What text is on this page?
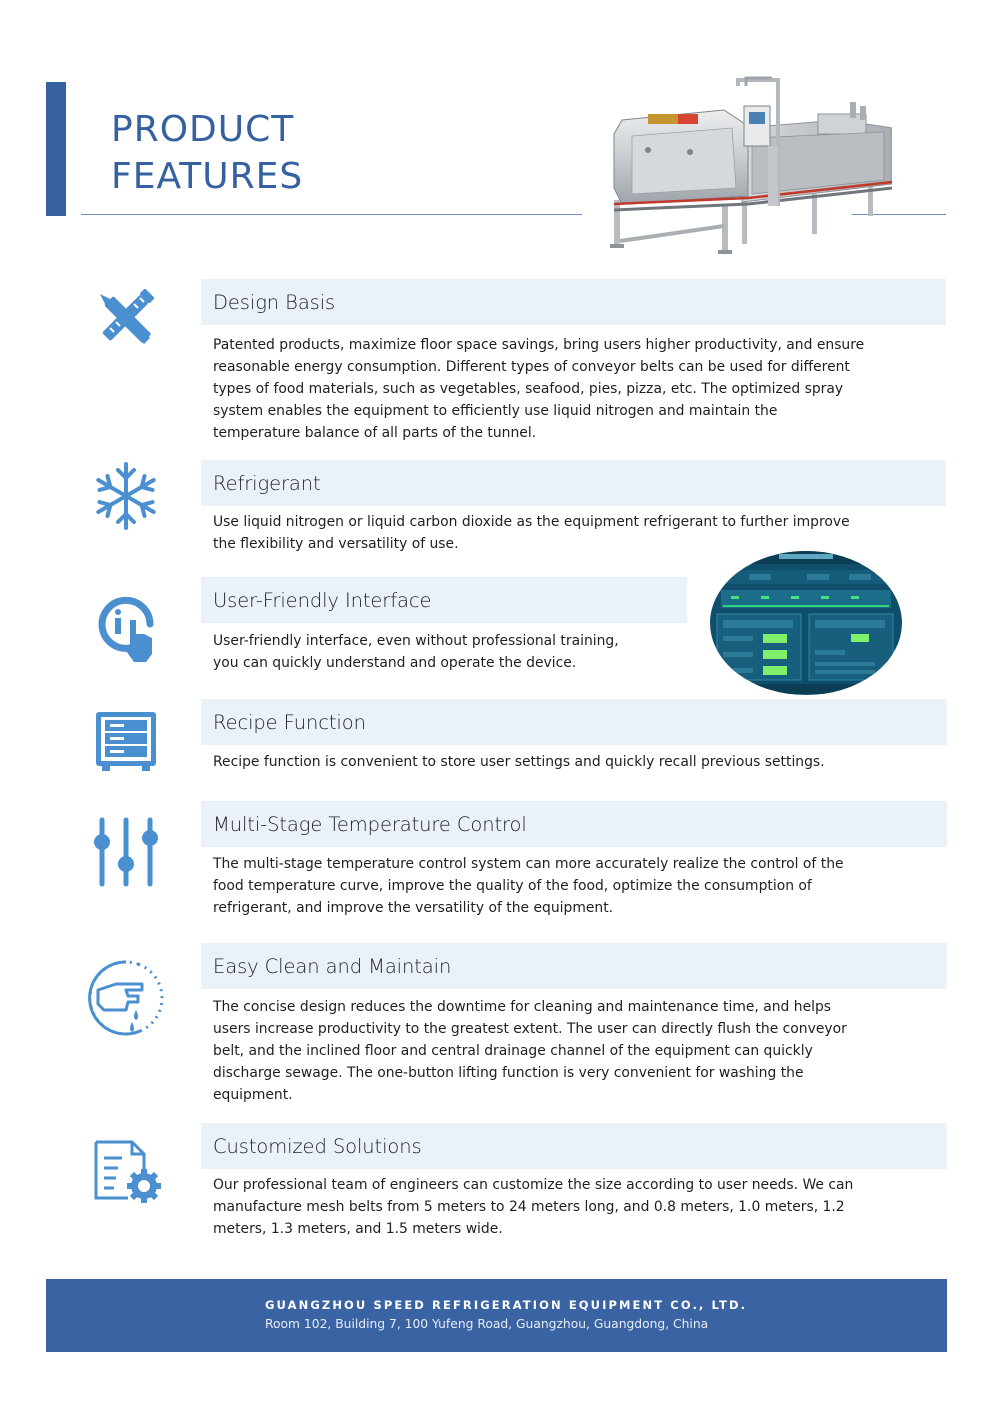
PRODUCT
FEATURES
Design Basis

Patented products, maximize floor space savings, bring users higher productivity, and ensure
reasonable energy consumption. Different types of conveyor belts can be used for different
types of food materials, such as vegetables, seafood, pies, pizza, etc. The optimized spray
system enables the equipment to efficiently use liquid nitrogen and maintain the
temperature balance of all parts of the tunnel.

Refrigerant

Use liquid nitrogen or liquid carbon dioxide as the equipment refrigerant to further improve
the flexibility and versatility of use.

User-Friendly Interface

User-friendly interface, even without professional training,
you can quickly understand and operate the device.

Recipe Function

Recipe function is convenient to store user settings and quickly recall previous settings.

Multi-Stage Temperature Control

The multi-stage temperature control system can more accurately realize the control of the
food temperature curve, improve the quality of the food, optimize the consumption of
refrigerant, and improve the versatility of the equipment.

Easy Clean and Maintain

The concise design reduces the downtime for cleaning and maintenance time, and helps
users increase productivity to the greatest extent. The user can directly flush the conveyor
belt, and the inclined floor and central drainage channel of the equipment can quickly
discharge sewage. The one-button lifting function is very convenient for washing the
equipment.

Customized Solutions

Our professional team of engineers can customize the size according to user needs. We can
manufacture mesh belts from 5 meters to 24 meters long, and 0.8 meters, 1.0 meters, 1.2
meters, 1.3 meters, and 1.5 meters wide.

GUANGZHOU SPEED REFRIGERATION EQUIPMENT CO., LTD.
Room 102, Building 7, 100 Yufeng Road, Guangzhou, Guangdong, China
